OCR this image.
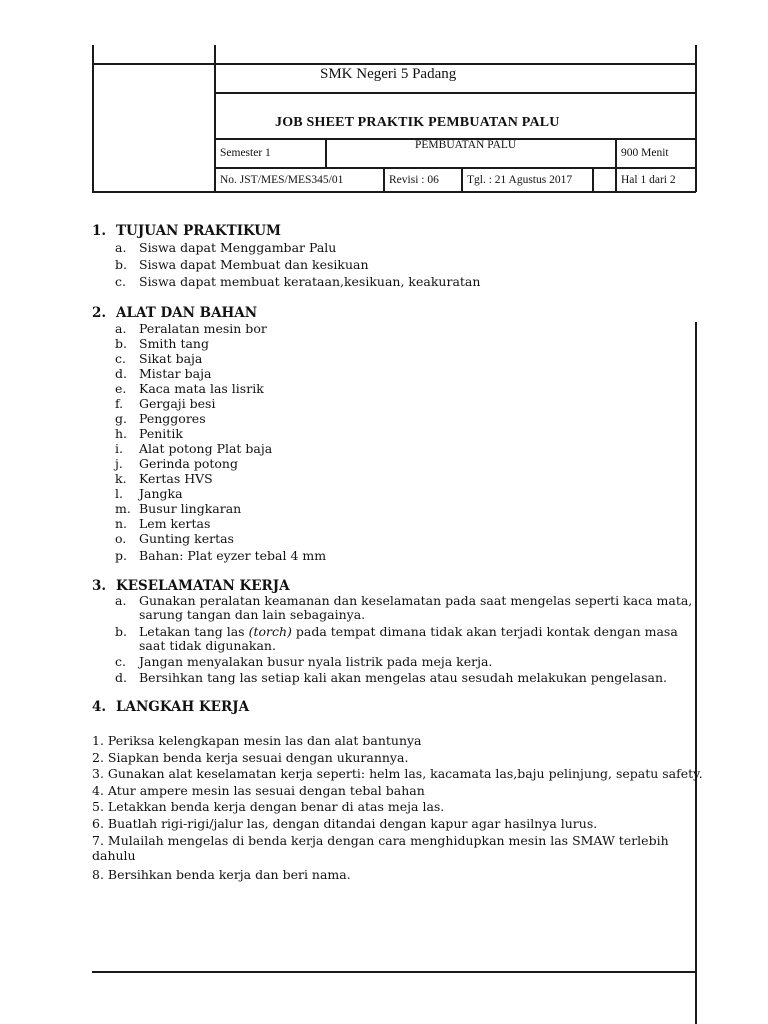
SMK Negeri 5 Padang
JOB SHEET PRAKTIK PEMBUATAN PALU
Semester 1
PEMBUATAN PALU
900 Menit
No. JST/MES/MES345/01	Revisi : 06 Tgl. : 21 Agustus 2017	Hal 1 dari 2
1. TUJUAN PRAKTIKUM
a. Siswa dapat Menggambar Palu
b. Siswa dapat Membuat dan kesikuan
c. Siswa dapat membuat kerataan,kesikuan, keakuratan
2. ALAT DAN BAHAN
a. Peralatan mesin bor
b. Smith tang
c. Sikat baja
d. Mistar baja
e. Kaca mata las lisrik
f. Gergaji besi
g. Penggores
h. Penitik
i. Alat potong Plat baja
j. Gerinda potong
k. Kertas HVS
l. Jangka
m. Busur lingkaran
n. Lem kertas
o. Gunting kertas
p. Bahan: Plat eyzer tebal 4 mm
3. KESELAMATAN KERJA
a. Gunakan peralatan keamanan dan keselamatan pada saat mengelas seperti kaca mata, sarung tangan dan lain sebagainya.
b. Letakan tang las (torch) pada tempat dimana tidak akan terjadi kontak dengan masa saat tidak digunakan.
c. Jangan menyalakan busur nyala listrik pada meja kerja.
d. Bersihkan tang las setiap kali akan mengelas atau sesudah melakukan pengelasan.
4. LANGKAH KERJA
1. Periksa kelengkapan mesin las dan alat bantunya
2. Siapkan benda kerja sesuai dengan ukurannya.
3. Gunakan alat keselamatan kerja seperti: helm las, kacamata las,baju pelinjung, sepatu safety.
4. Atur ampere mesin las sesuai dengan tebal bahan
5. Letakkan benda kerja dengan benar di atas meja las.
6. Buatlah rigi-rigi/jalur las, dengan ditandai dengan kapur agar hasilnya lurus.
7. Mulailah mengelas di benda kerja dengan cara menghidupkan mesin las SMAW terlebih dahulu
8. Bersihkan benda kerja dan beri nama.
